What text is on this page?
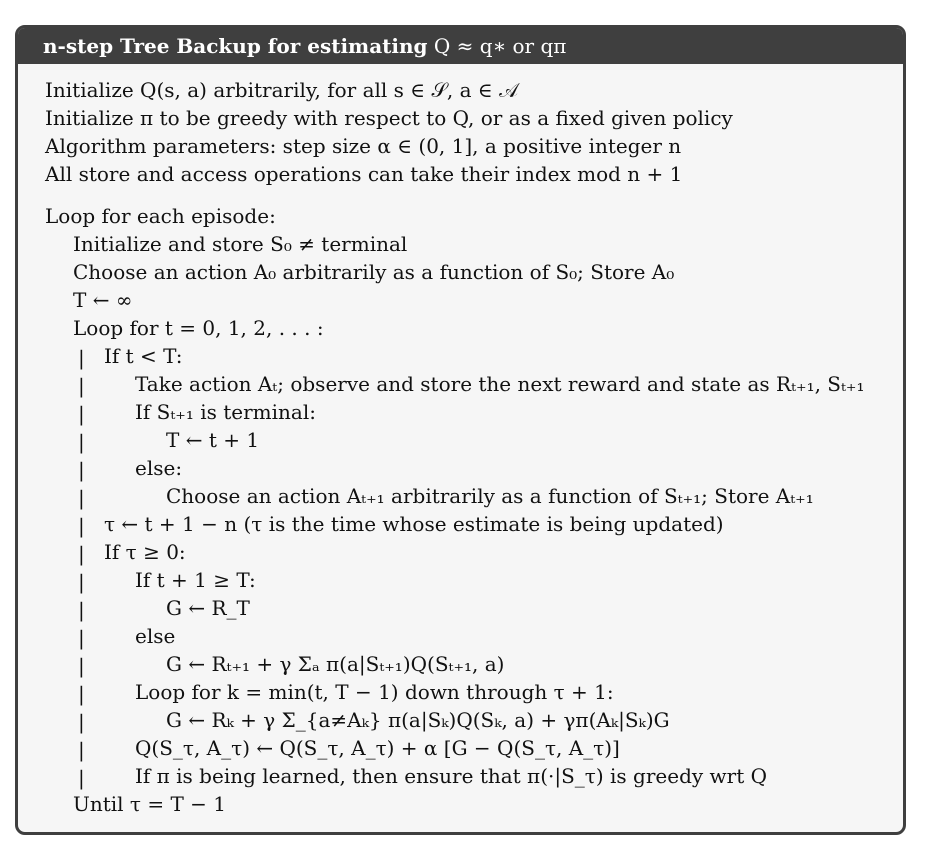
n-step Tree Backup for estimating Q ≈ q∗ or qπ
Initialize Q(s, a) arbitrarily, for all s ∈ 𝒮, a ∈ 𝒜
Initialize π to be greedy with respect to Q, or as a fixed given policy
Algorithm parameters: step size α ∈ (0, 1], a positive integer n
All store and access operations can take their index mod n + 1
Loop for each episode:
Initialize and store S₀ ≠ terminal
Choose an action A₀ arbitrarily as a function of S₀; Store A₀
T ← ∞
Loop for t = 0, 1, 2, . . . :
|
|
|
|
|
|
|
|
|
|
|
|
|
|
|
|
If t < T:
Take action Aₜ; observe and store the next reward and state as Rₜ₊₁, Sₜ₊₁
If Sₜ₊₁ is terminal:
T ← t + 1
else:
Choose an action Aₜ₊₁ arbitrarily as a function of Sₜ₊₁; Store Aₜ₊₁
τ ← t + 1 − n (τ is the time whose estimate is being updated)
If τ ≥ 0:
If t + 1 ≥ T:
G ← R_T
else
G ← Rₜ₊₁ + γ Σₐ π(a|Sₜ₊₁)Q(Sₜ₊₁, a)
Loop for k = min(t, T − 1) down through τ + 1:
G ← Rₖ + γ Σ_{a≠Aₖ} π(a|Sₖ)Q(Sₖ, a) + γπ(Aₖ|Sₖ)G
Q(S_τ, A_τ) ← Q(S_τ, A_τ) + α [G − Q(S_τ, A_τ)]
If π is being learned, then ensure that π(·|S_τ) is greedy wrt Q
Until τ = T − 1
